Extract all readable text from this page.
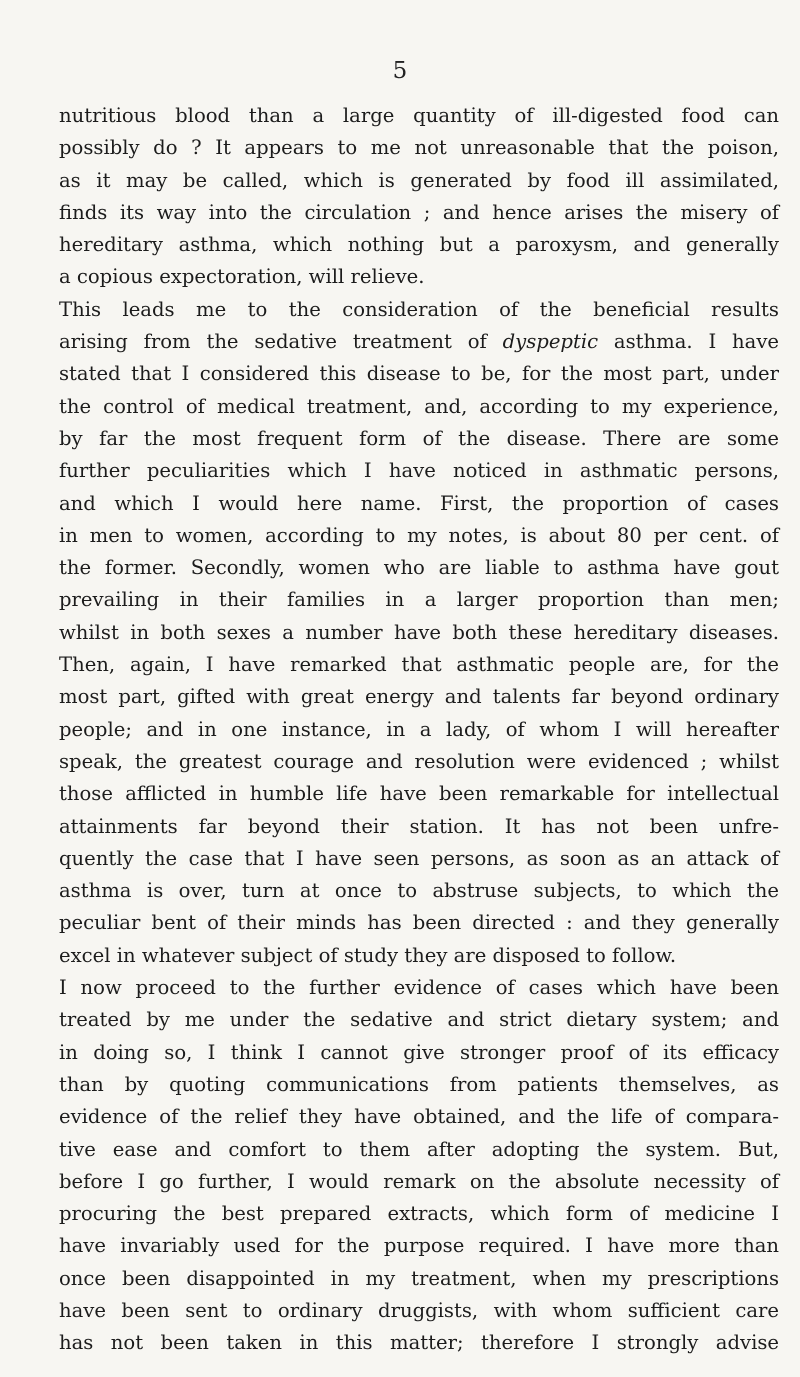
5
nutritious blood than a large quantity of ill-digested food can
possibly do ? It appears to me not unreasonable that the poison,
as it may be called, which is generated by food ill assimilated,
finds its way into the circulation ; and hence arises the misery of
hereditary asthma, which nothing but a paroxysm, and generally
a copious expectoration, will relieve.
This leads me to the consideration of the beneficial results
arising from the sedative treatment of dyspeptic asthma. I have
stated that I considered this disease to be, for the most part, under
the control of medical treatment, and, according to my experience,
by far the most frequent form of the disease. There are some
further peculiarities which I have noticed in asthmatic persons,
and which I would here name. First, the proportion of cases
in men to women, according to my notes, is about 80 per cent. of
the former. Secondly, women who are liable to asthma have gout
prevailing in their families in a larger proportion than men;
whilst in both sexes a number have both these hereditary diseases.
Then, again, I have remarked that asthmatic people are, for the
most part, gifted with great energy and talents far beyond ordinary
people; and in one instance, in a lady, of whom I will hereafter
speak, the greatest courage and resolution were evidenced ; whilst
those afflicted in humble life have been remarkable for intellectual
attainments far beyond their station. It has not been unfre-
quently the case that I have seen persons, as soon as an attack of
asthma is over, turn at once to abstruse subjects, to which the
peculiar bent of their minds has been directed : and they generally
excel in whatever subject of study they are disposed to follow.
I now proceed to the further evidence of cases which have been
treated by me under the sedative and strict dietary system; and
in doing so, I think I cannot give stronger proof of its efficacy
than by quoting communications from patients themselves, as
evidence of the relief they have obtained, and the life of compara-
tive ease and comfort to them after adopting the system. But,
before I go further, I would remark on the absolute necessity of
procuring the best prepared extracts, which form of medicine I
have invariably used for the purpose required. I have more than
once been disappointed in my treatment, when my prescriptions
have been sent to ordinary druggists, with whom sufficient care
has not been taken in this matter; therefore I strongly advise
